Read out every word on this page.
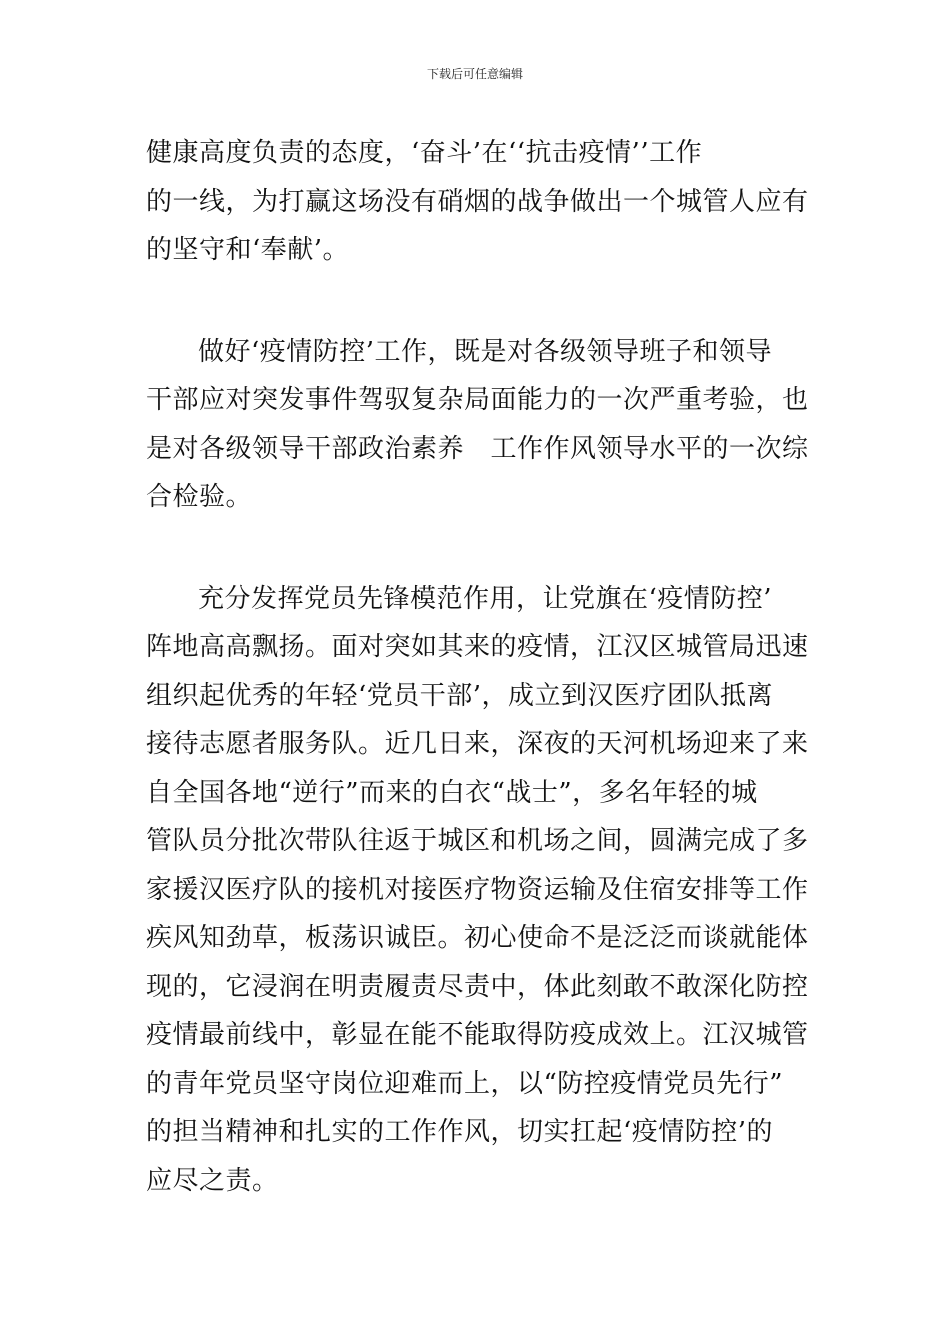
下载后可任意编辑
健康高度负责的态度，‘奋斗’在‘‘抗击疫情’’工作
的一线，为打赢这场没有硝烟的战争做出一个城管人应有
的坚守和‘奉献’。
做好‘疫情防控’工作，既是对各级领导班子和领导
干部应对突发事件驾驭复杂局面能力的一次严重考验，也
是对各级领导干部政治素养　工作作风领导水平的一次综
合检验。
充分发挥党员先锋模范作用，让党旗在‘疫情防控’
阵地高高飘扬。面对突如其来的疫情，江汉区城管局迅速
组织起优秀的年轻‘党员干部’，成立到汉医疗团队抵离
接待志愿者服务队。近几日来，深夜的天河机场迎来了来
自全国各地“逆行”而来的白衣“战士”，多名年轻的城
管队员分批次带队往返于城区和机场之间，圆满完成了多
家援汉医疗队的接机对接医疗物资运输及住宿安排等工作
疾风知劲草，板荡识诚臣。初心使命不是泛泛而谈就能体
现的，它浸润在明责履责尽责中，体此刻敢不敢深化防控
疫情最前线中，彰显在能不能取得防疫成效上。江汉城管
的青年党员坚守岗位迎难而上，以“防控疫情党员先行”
的担当精神和扎实的工作作风，切实扛起‘疫情防控’的
应尽之责。
